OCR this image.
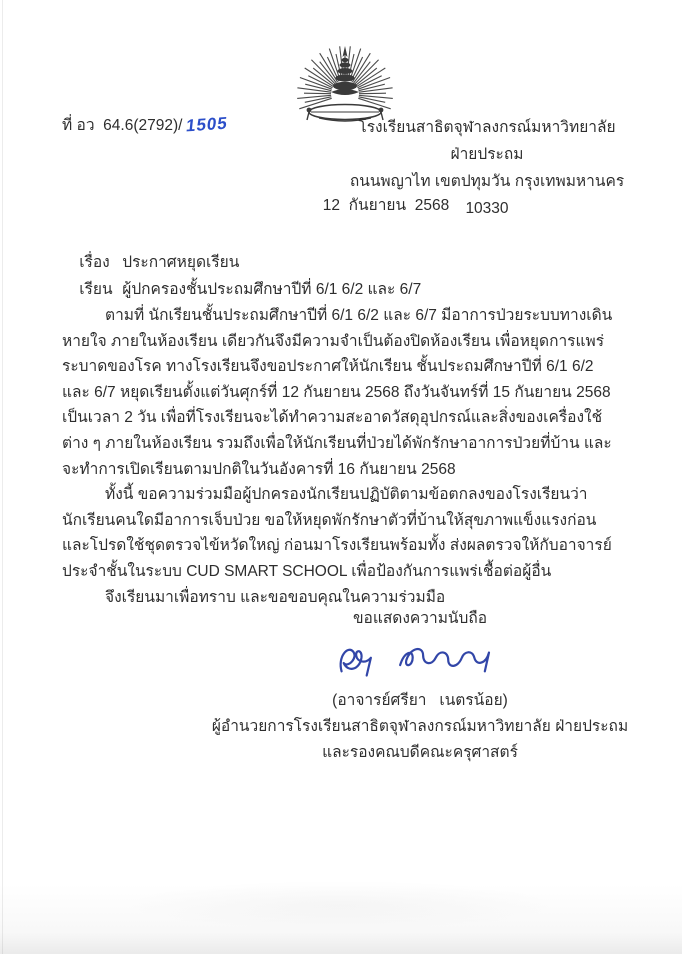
ที่ อว  64.6(2792)/ 1505	โรงเรียนสาธิตจุฬาลงกรณ์มหาวิทยาลัย ฝ่ายประถม
ถนนพญาไท เขตปทุมวัน กรุงเทพมหานคร 10330
12  กันยายน  2568

เรื่อง ประกาศหยุดเรียน

เรียน ผู้ปกครองชั้นประถมศึกษาปีที่ 6/1 6/2 และ 6/7

ตามที่ นักเรียนชั้นประถมศึกษาปีที่ 6/1 6/2 และ 6/7 มีอาการป่วยระบบทางเดินหายใจ ภายในห้องเรียน เดียวกันจึงมีความจำเป็นต้องปิดห้องเรียน เพื่อหยุดการแพร่ระบาดของโรค ทางโรงเรียนจึงขอประกาศให้นักเรียน ชั้นประถมศึกษาปีที่ 6/1 6/2 และ 6/7 หยุดเรียนตั้งแต่วันศุกร์ที่ 12 กันยายน 2568 ถึงวันจันทร์ที่ 15 กันยายน 2568 เป็นเวลา 2 วัน เพื่อที่โรงเรียนจะได้ทำความสะอาดวัสดุอุปกรณ์และสิ่งของเครื่องใช้ต่าง ๆ ภายในห้องเรียน รวมถึงเพื่อให้นักเรียนที่ป่วยได้พักรักษาอาการป่วยที่บ้าน และจะทำการเปิดเรียนตามปกติในวันอังคารที่ 16 กันยายน 2568

ทั้งนี้ ขอความร่วมมือผู้ปกครองนักเรียนปฏิบัติตามข้อตกลงของโรงเรียนว่านักเรียนคนใดมีอาการเจ็บป่วย ขอให้หยุดพักรักษาตัวที่บ้านให้สุขภาพแข็งแรงก่อน และโปรดใช้ชุดตรวจไข้หวัดใหญ่ ก่อนมาโรงเรียนพร้อมทั้ง ส่งผลตรวจให้กับอาจารย์ประจำชั้นในระบบ CUD SMART SCHOOL เพื่อป้องกันการแพร่เชื้อต่อผู้อื่น

จึงเรียนมาเพื่อทราบ และขอขอบคุณในความร่วมมือ

ขอแสดงความนับถือ
(อาจารย์ศรียา   เนตรน้อย)
ผู้อำนวยการโรงเรียนสาธิตจุฬาลงกรณ์มหาวิทยาลัย ฝ่ายประถม
และรองคณบดีคณะครุศาสตร์
